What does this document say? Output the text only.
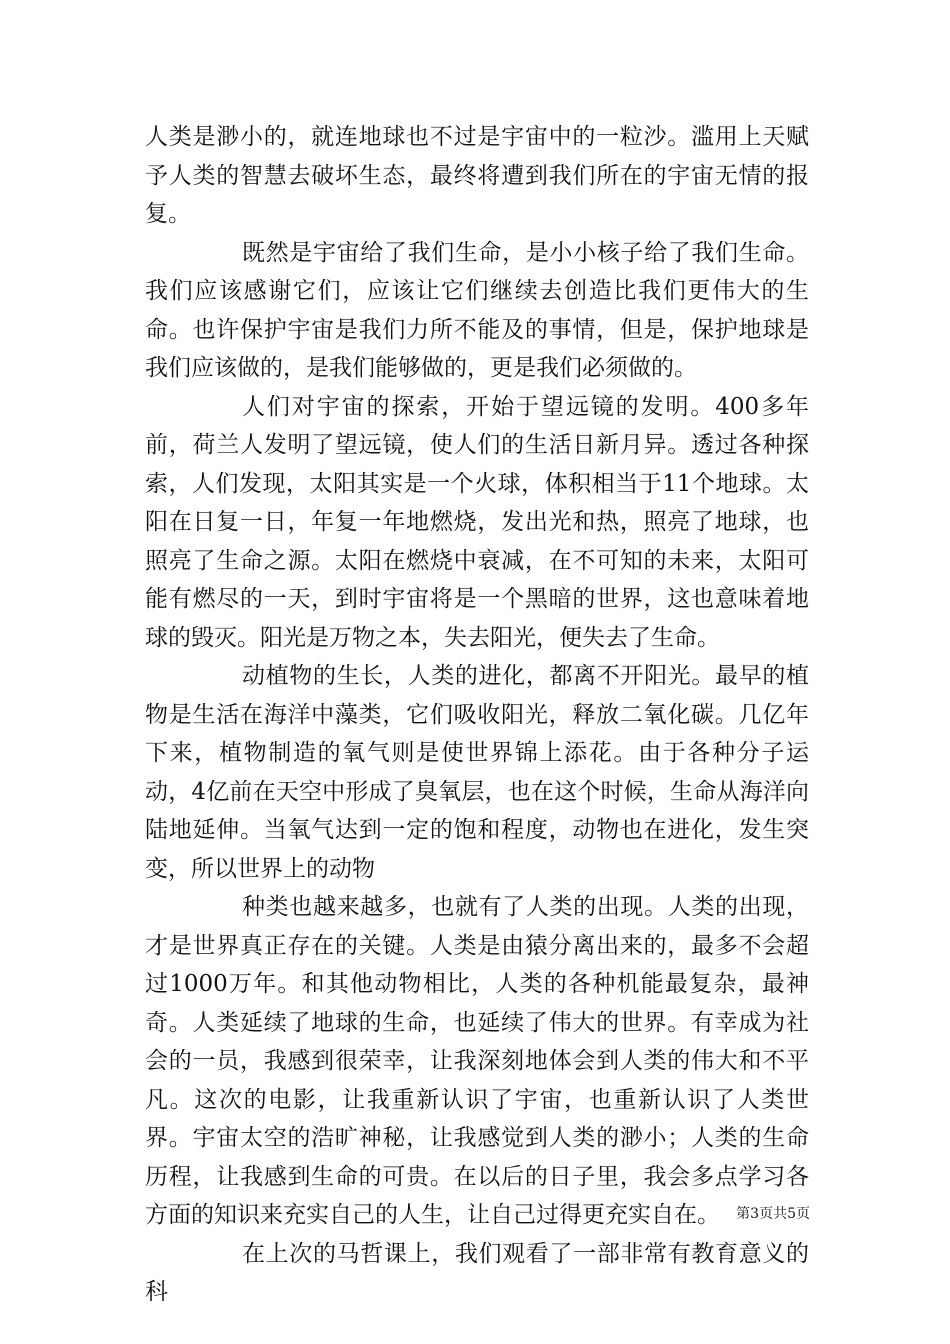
人类是渺小的，就连地球也不过是宇宙中的一粒沙。滥用上天赋予人类的智慧去破坏生态，最终将遭到我们所在的宇宙无情的报复。

既然是宇宙给了我们生命，是小小核子给了我们生命。我们应该感谢它们，应该让它们继续去创造比我们更伟大的生命。也许保护宇宙是我们力所不能及的事情，但是，保护地球是我们应该做的，是我们能够做的，更是我们必须做的。

人们对宇宙的探索，开始于望远镜的发明。400多年前，荷兰人发明了望远镜，使人们的生活日新月异。透过各种探索，人们发现，太阳其实是一个火球，体积相当于11个地球。太阳在日复一日，年复一年地燃烧，发出光和热，照亮了地球，也照亮了生命之源。太阳在燃烧中衰减，在不可知的未来，太阳可能有燃尽的一天，到时宇宙将是一个黑暗的世界，这也意味着地球的毁灭。阳光是万物之本，失去阳光，便失去了生命。

动植物的生长，人类的进化，都离不开阳光。最早的植物是生活在海洋中藻类，它们吸收阳光，释放二氧化碳。几亿年下来，植物制造的氧气则是使世界锦上添花。由于各种分子运动，4亿前在天空中形成了臭氧层，也在这个时候，生命从海洋向陆地延伸。当氧气达到一定的饱和程度，动物也在进化，发生突变，所以世界上的动物

种类也越来越多，也就有了人类的出现。人类的出现，才是世界真正存在的关键。人类是由猿分离出来的，最多不会超过1000万年。和其他动物相比，人类的各种机能最复杂，最神奇。人类延续了地球的生命，也延续了伟大的世界。有幸成为社会的一员，我感到很荣幸，让我深刻地体会到人类的伟大和不平凡。这次的电影，让我重新认识了宇宙，也重新认识了人类世界。宇宙太空的浩旷神秘，让我感觉到人类的渺小；人类的生命历程，让我感到生命的可贵。在以后的日子里，我会多点学习各方面的知识来充实自己的人生，让自己过得更充实自在。

在上次的马哲课上，我们观看了一部非常有教育意义的科

第3页共5页
